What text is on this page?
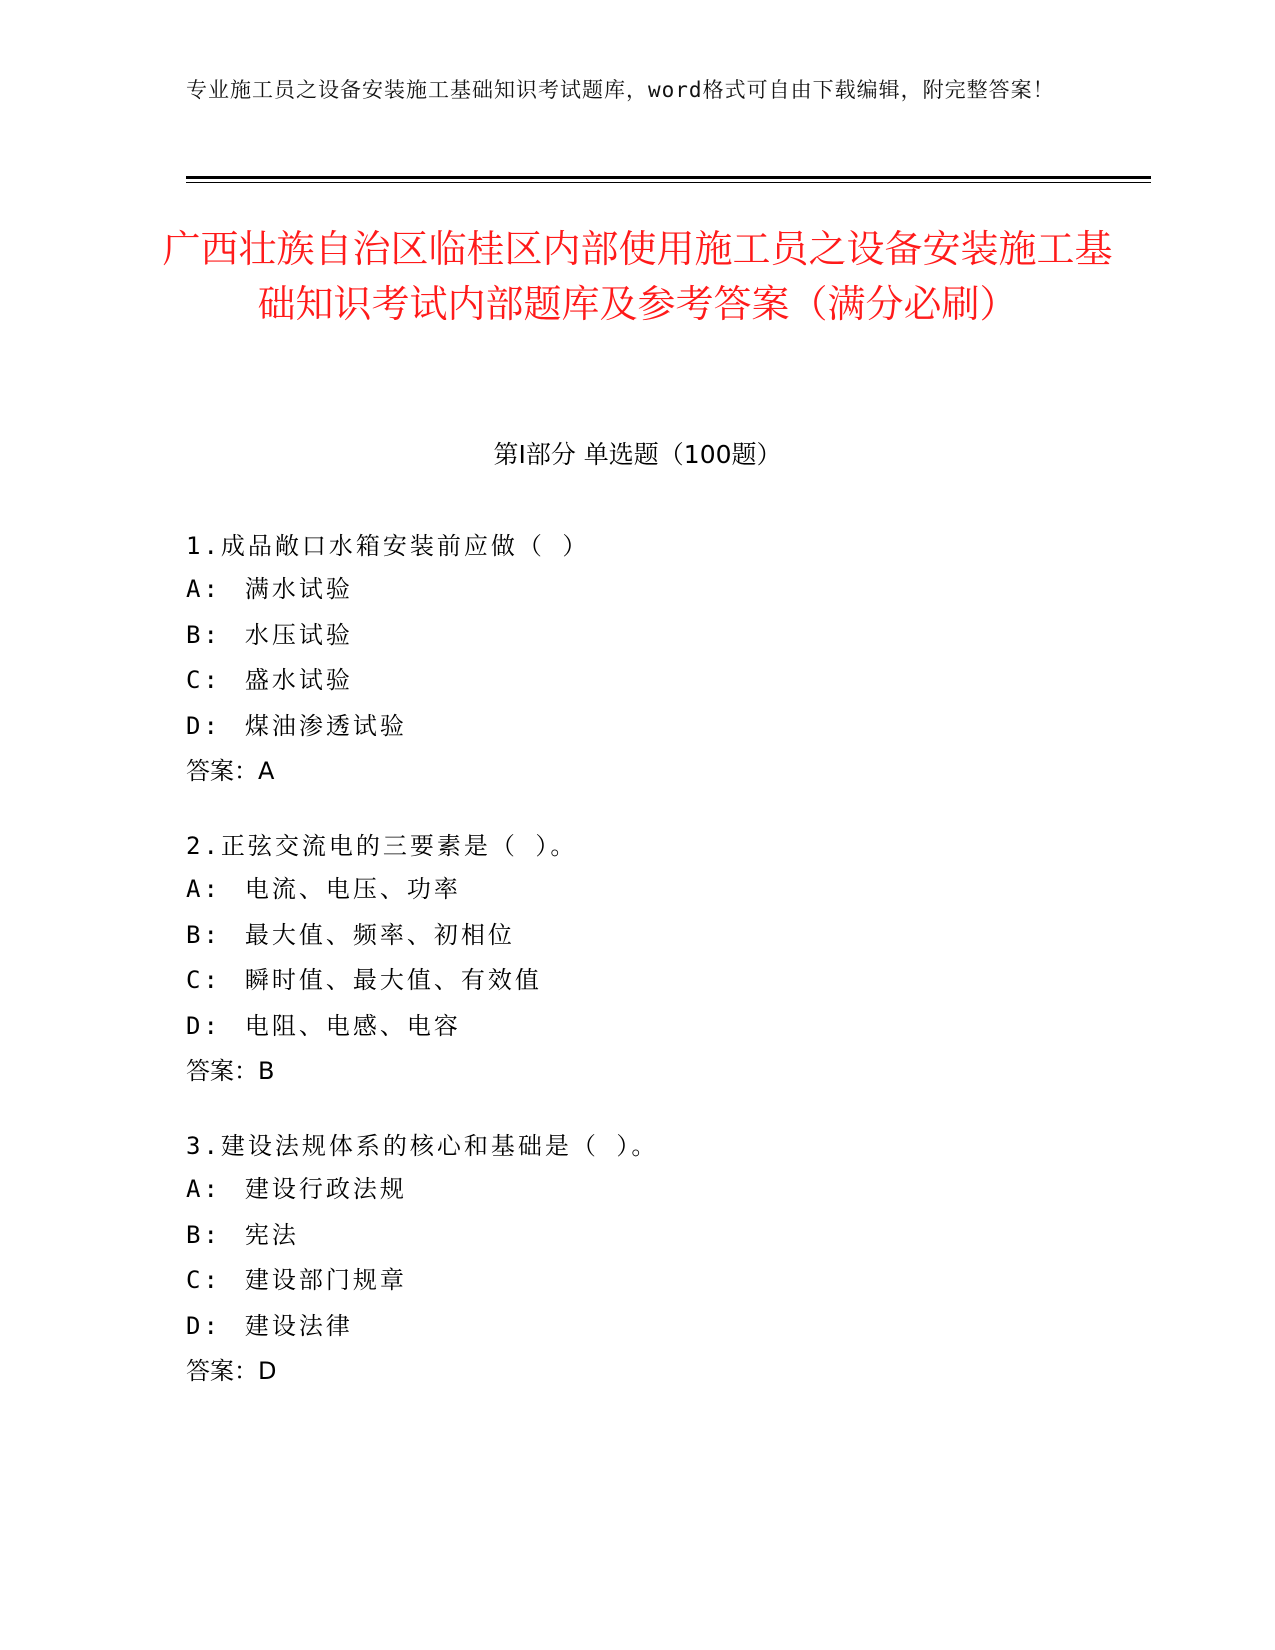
专业施工员之设备安装施工基础知识考试题库，word格式可自由下载编辑，附完整答案！
广西壮族自治区临桂区内部使用施工员之设备安装施工基础知识考试内部题库及参考答案（满分必刷）
第Ⅰ部分 单选题（100题）
1.成品敞口水箱安装前应做（ ）
A: 满水试验
B: 水压试验
C: 盛水试验
D: 煤油渗透试验
答案：A
2.正弦交流电的三要素是（ ）。
A: 电流、电压、功率
B: 最大值、频率、初相位
C: 瞬时值、最大值、有效值
D: 电阻、电感、电容
答案：B
3.建设法规体系的核心和基础是（ ）。
A: 建设行政法规
B: 宪法
C: 建设部门规章
D: 建设法律
答案：D
